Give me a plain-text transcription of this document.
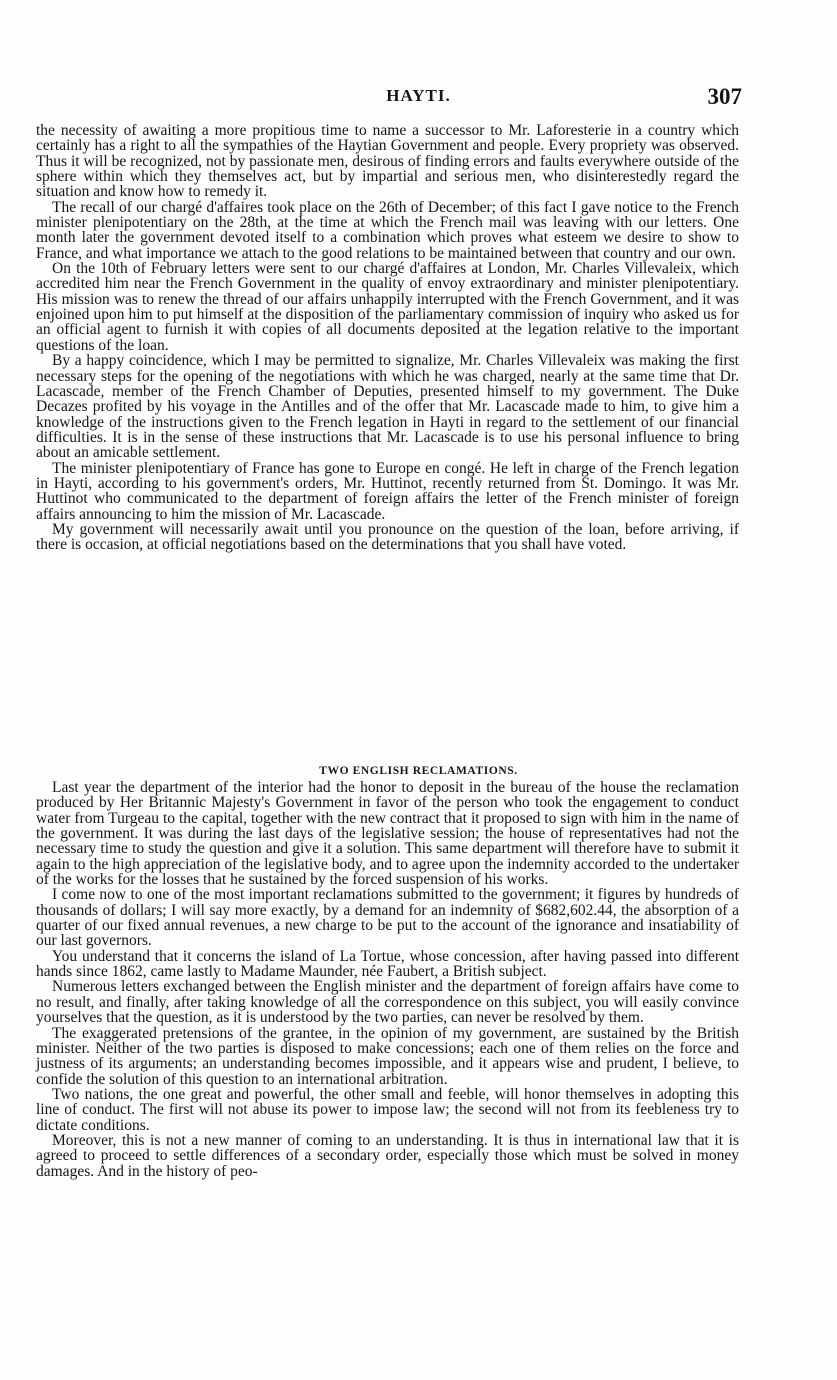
HAYTI.	307

the necessity of awaiting a more propitious time to name a successor to Mr. Laforesterie in a country which certainly has a right to all the sympathies of the Haytian Government and people. Every propriety was observed. Thus it will be recognized, not by passionate men, desirous of finding errors and faults everywhere outside of the sphere within which they themselves act, but by impartial and serious men, who disinterestedly regard the situation and know how to remedy it.

The recall of our chargé d'affaires took place on the 26th of December; of this fact I gave notice to the French minister plenipotentiary on the 28th, at the time at which the French mail was leaving with our letters. One month later the government devoted itself to a combination which proves what esteem we desire to show to France, and what importance we attach to the good relations to be maintained between that country and our own.

On the 10th of February letters were sent to our chargé d'affaires at London, Mr. Charles Villevaleix, which accredited him near the French Government in the quality of envoy extraordinary and minister plenipotentiary. His mission was to renew the thread of our affairs unhappily interrupted with the French Government, and it was enjoined upon him to put himself at the disposition of the parliamentary commission of inquiry who asked us for an official agent to furnish it with copies of all documents deposited at the legation relative to the important questions of the loan.

By a happy coincidence, which I may be permitted to signalize, Mr. Charles Villevaleix was making the first necessary steps for the opening of the negotiations with which he was charged, nearly at the same time that Dr. Lacascade, member of the French Chamber of Deputies, presented himself to my government. The Duke Decazes profited by his voyage in the Antilles and of the offer that Mr. Lacascade made to him, to give him a knowledge of the instructions given to the French legation in Hayti in regard to the settlement of our financial difficulties. It is in the sense of these instructions that Mr. Lacascade is to use his personal influence to bring about an amicable settlement.

The minister plenipotentiary of France has gone to Europe en congé. He left in charge of the French legation in Hayti, according to his government's orders, Mr. Huttinot, recently returned from St. Domingo. It was Mr. Huttinot who communicated to the department of foreign affairs the letter of the French minister of foreign affairs announcing to him the mission of Mr. Lacascade.

My government will necessarily await until you pronounce on the question of the loan, before arriving, if there is occasion, at official negotiations based on the determinations that you shall have voted.

TWO ENGLISH RECLAMATIONS.

Last year the department of the interior had the honor to deposit in the bureau of the house the reclamation produced by Her Britannic Majesty's Government in favor of the person who took the engagement to conduct water from Turgeau to the capital, together with the new contract that it proposed to sign with him in the name of the government. It was during the last days of the legislative session; the house of representatives had not the necessary time to study the question and give it a solution. This same department will therefore have to submit it again to the high appreciation of the legislative body, and to agree upon the indemnity accorded to the undertaker of the works for the losses that he sustained by the forced suspension of his works.

I come now to one of the most important reclamations submitted to the government; it figures by hundreds of thousands of dollars; I will say more exactly, by a demand for an indemnity of $682,602.44, the absorption of a quarter of our fixed annual revenues, a new charge to be put to the account of the ignorance and insatiability of our last governors.

You understand that it concerns the island of La Tortue, whose concession, after having passed into different hands since 1862, came lastly to Madame Maunder, née Faubert, a British subject.

Numerous letters exchanged between the English minister and the department of foreign affairs have come to no result, and finally, after taking knowledge of all the correspondence on this subject, you will easily convince yourselves that the question, as it is understood by the two parties, can never be resolved by them.

The exaggerated pretensions of the grantee, in the opinion of my government, are sustained by the British minister. Neither of the two parties is disposed to make concessions; each one of them relies on the force and justness of its arguments; an understanding becomes impossible, and it appears wise and prudent, I believe, to confide the solution of this question to an international arbitration.

Two nations, the one great and powerful, the other small and feeble, will honor themselves in adopting this line of conduct. The first will not abuse its power to impose law; the second will not from its feebleness try to dictate conditions.

Moreover, this is not a new manner of coming to an understanding. It is thus in international law that it is agreed to proceed to settle differences of a secondary order, especially those which must be solved in money damages. And in the history of peo-
